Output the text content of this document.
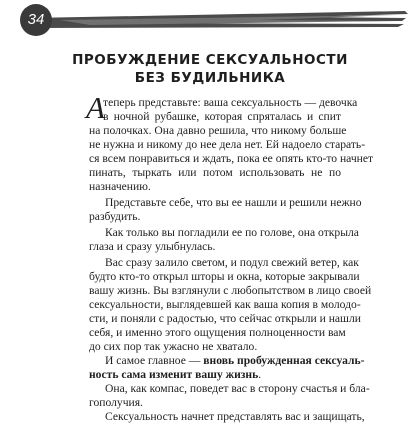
34
ПРОБУЖДЕНИЕ СЕКСУАЛЬНОСТИ
БЕЗ БУДИЛЬНИКА
А
теперь представьте: ваша сексуальность — девочка
в ночной рубашке, которая спряталась и спит
на полочках. Она давно решила, что никому больше
не нужна и никому до нее дела нет. Ей надоело старать-
ся всем понравиться и ждать, пока ее опять кто-то начнет
пинать, тыркать или потом использовать не по
назначению.
Представьте себе, что вы ее нашли и решили нежно
разбудить.
Как только вы погладили ее по голове, она открыла
глаза и сразу улыбнулась.
Вас сразу залило светом, и подул свежий ветер, как
будто кто-то открыл шторы и окна, которые закрывали
вашу жизнь. Вы взглянули с любопытством в лицо своей
сексуальности, выглядевшей как ваша копия в молодо-
сти, и поняли с радостью, что сейчас открыли и нашли
себя, и именно этого ощущения полноценности вам
до сих пор так ужасно не хватало.
И самое главное — вновь пробужденная сексуаль-
ность сама изменит вашу жизнь.
Она, как компас, поведет вас в сторону счастья и бла-
гополучия.
Сексуальность начнет представлять вас и защищать,
